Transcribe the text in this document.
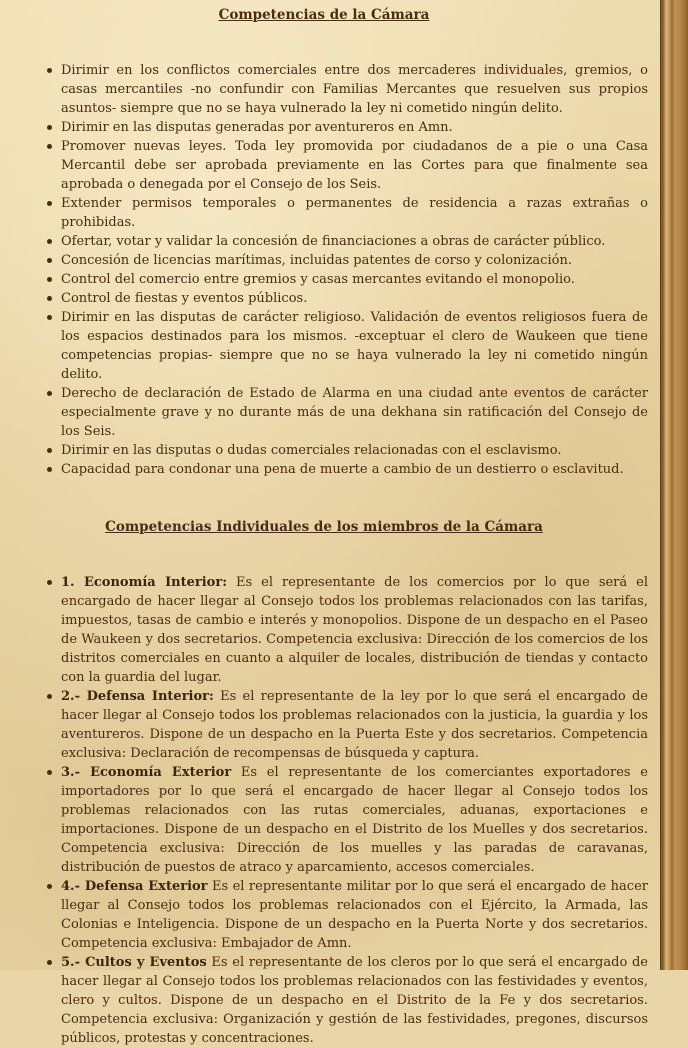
Competencias de la Cámara

Dirimir en los conflictos comerciales entre dos mercaderes individuales, gremios, o casas mercantiles -no confundir con Familias Mercantes que resuelven sus propios asuntos- siempre que no se haya vulnerado la ley ni cometido ningún delito.
Dirimir en las disputas generadas por aventureros en Amn.
Promover nuevas leyes. Toda ley promovida por ciudadanos de a pie o una Casa Mercantil debe ser aprobada previamente en las Cortes para que finalmente sea aprobada o denegada por el Consejo de los Seis.
Extender permisos temporales o permanentes de residencia a razas extrañas o prohibidas.
Ofertar, votar y validar la concesión de financiaciones a obras de carácter público.
Concesión de licencias marítimas, incluidas patentes de corso y colonización.
Control del comercio entre gremios y casas mercantes evitando el monopolio.
Control de fiestas y eventos públicos.
Dirimir en las disputas de carácter religioso. Validación de eventos religiosos fuera de los espacios destinados para los mismos. -exceptuar el clero de Waukeen que tiene competencias propias- siempre que no se haya vulnerado la ley ni cometido ningún delito.
Derecho de declaración de Estado de Alarma en una ciudad ante eventos de carácter especialmente grave y no durante más de una dekhana sin ratificación del Consejo de los Seis.
Dirimir en las disputas o dudas comerciales relacionadas con el esclavismo.
Capacidad para condonar una pena de muerte a cambio de un destierro o esclavitud.

Competencias Individuales de los miembros de la Cámara

1. Economía Interior: Es el representante de los comercios por lo que será el encargado de hacer llegar al Consejo todos los problemas relacionados con las tarifas, impuestos, tasas de cambio e interés y monopolios. Dispone de un despacho en el Paseo de Waukeen y dos secretarios. Competencia exclusiva: Dirección de los comercios de los distritos comerciales en cuanto a alquiler de locales, distribución de tiendas y contacto con la guardia del lugar.
2.- Defensa Interior: Es el representante de la ley por lo que será el encargado de hacer llegar al Consejo todos los problemas relacionados con la justicia, la guardia y los aventureros. Dispone de un despacho en la Puerta Este y dos secretarios. Competencia exclusiva: Declaración de recompensas de búsqueda y captura.
3.- Economía Exterior Es el representante de los comerciantes exportadores e importadores por lo que será el encargado de hacer llegar al Consejo todos los problemas relacionados con las rutas comerciales, aduanas, exportaciones e importaciones. Dispone de un despacho en el Distrito de los Muelles y dos secretarios. Competencia exclusiva: Dirección de los muelles y las paradas de caravanas, distribución de puestos de atraco y aparcamiento, accesos comerciales.
4.- Defensa Exterior Es el representante militar por lo que será el encargado de hacer llegar al Consejo todos los problemas relacionados con el Ejército, la Armada, las Colonias e Inteligencia. Dispone de un despacho en la Puerta Norte y dos secretarios. Competencia exclusiva: Embajador de Amn.
5.- Cultos y Eventos Es el representante de los cleros por lo que será el encargado de hacer llegar al Consejo todos los problemas relacionados con las festividades y eventos, clero y cultos. Dispone de un despacho en el Distrito de la Fe y dos secretarios. Competencia exclusiva: Organización y gestión de las festividades, pregones, discursos públicos, protestas y concentraciones.
